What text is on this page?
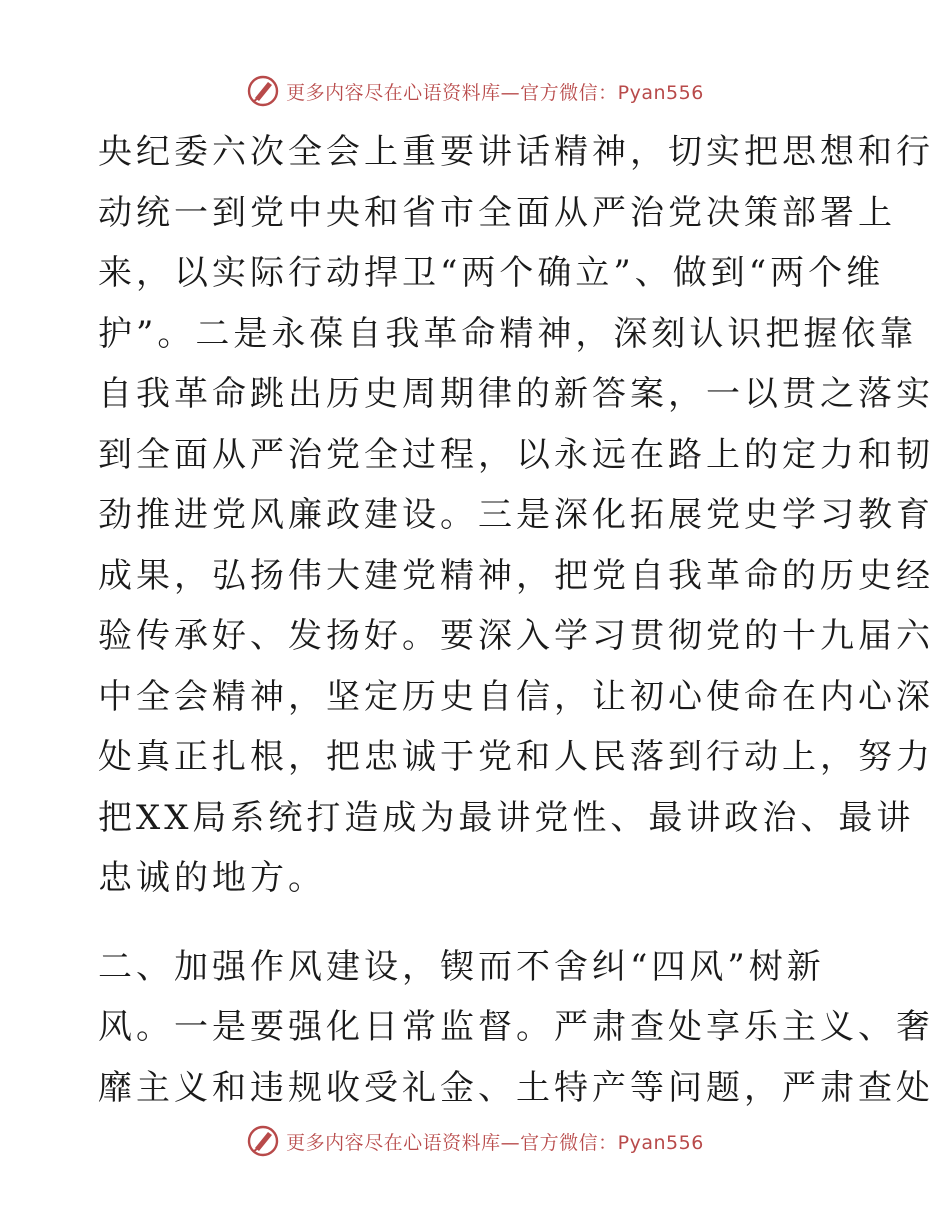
更多内容尽在心语资料库—官方微信：Pyan556
央纪委六次全会上重要讲话精神，切实把思想和行
动统一到党中央和省市全面从严治党决策部署上
来，以实际行动捍卫“两个确立”、做到“两个维
护”。二是永葆自我革命精神，深刻认识把握依靠
自我革命跳出历史周期律的新答案，一以贯之落实
到全面从严治党全过程，以永远在路上的定力和韧
劲推进党风廉政建设。三是深化拓展党史学习教育
成果，弘扬伟大建党精神，把党自我革命的历史经
验传承好、发扬好。要深入学习贯彻党的十九届六
中全会精神，坚定历史自信，让初心使命在内心深
处真正扎根，把忠诚于党和人民落到行动上，努力
把XX局系统打造成为最讲党性、最讲政治、最讲
忠诚的地方。
二、加强作风建设，锲而不舍纠“四风”树新
风。一是要强化日常监督。严肃查处享乐主义、奢
靡主义和违规收受礼金、土特产等问题，严肃查处
更多内容尽在心语资料库—官方微信：Pyan556
